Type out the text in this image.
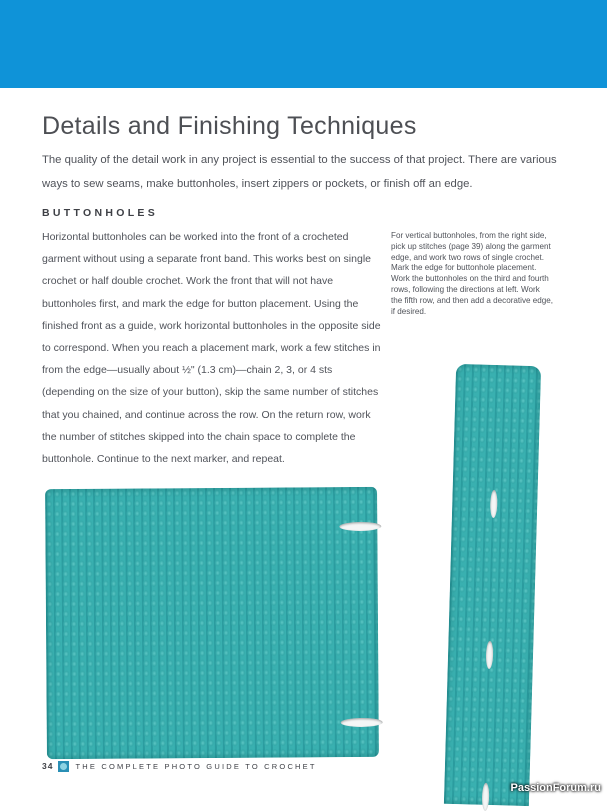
Details and Finishing Techniques

The quality of the detail work in any project is essential to the success of that project. There are various ways to sew seams, make buttonholes, insert zippers or pockets, or finish off an edge.

BUTTONHOLES

Horizontal buttonholes can be worked into the front of a crocheted garment without using a separate front band. This works best on single crochet or half double crochet. Work the front that will not have buttonholes first, and mark the edge for button placement. Using the finished front as a guide, work horizontal buttonholes in the opposite side to correspond. When you reach a placement mark, work a few stitches in from the edge—usually about ½" (1.3 cm)—chain 2, 3, or 4 sts (depending on the size of your button), skip the same number of stitches that you chained, and continue across the row. On the return row, work the number of stitches skipped into the chain space to complete the buttonhole. Continue to the next marker, and repeat.

For vertical buttonholes, from the right side, pick up stitches (page 39) along the garment edge, and work two rows of single crochet. Mark the edge for buttonhole placement. Work the buttonholes on the third and fourth rows, following the directions at left. Work the fifth row, and then add a decorative edge, if desired.

34	THE COMPLETE PHOTO GUIDE TO CROCHET
PassionForum.ru
